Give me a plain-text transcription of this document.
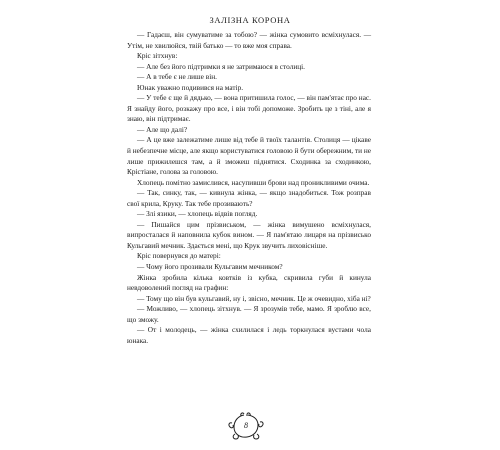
ЗАЛІЗНА КОРОНА

— Гадаєш, він сумуватиме за тобою? — жінка сумовито всміхнулася. — Утім, не хвилюйся, твій батько — то вже моя справа.

Кріс зітхнув:

— Але без його підтримки я не затримаюся в столиці.

— А в тебе є не лише він.

Юнак уважно подивився на матір.

— У тебе є ще й дядько, — вона притишила голос, — він пам'ятає про нас. Я знайду його, розкажу про все, і він тобі допоможе. Зробить це з тіні, але я знаю, він підтримає.

— Але що далі?

— А це вже залежатиме лише від тебе й твоїх талантів. Столиця — цікаве й небезпечне місце, але якщо користуватися головою й бути обережним, ти не лише прижилешся там, а й зможеш піднятися. Сходинка за сходинкою, Крістіане, голова за головою.

Хлопець помітно замислився, насупивши брови над проникливими очима.

— Так, синку, так, — кивнула жінка, — якщо знадобиться. Тож розправ свої крила, Круку. Так тебе прозивають?

— Злі язики, — хлопець відвів погляд.

— Пишайся цим прізвиськом, — жінка вимушено всміхнулася, випросталася й наповнила кубок вином. — Я пам'ятаю лицаря на прізвисько Кульгавий мечник. Здається мені, що Крук звучить лиховісніше.

Кріс повернувся до матері:

— Чому його прозивали Кульгавим мечником?

Жінка зробила кілька ковтків із кубка, скривила губи й кинула невдоволений погляд на графин:

— Тому що він був кульгавий, ну і, звісно, мечник. Це ж очевидно, хіба ні?

— Можливо, — хлопець зітхнув. — Я зрозумів тебе, мамо. Я зроблю все, що зможу.

— От і молодець, — жінка схилилася і ледь торкнулася вустами чола юнака.

8
